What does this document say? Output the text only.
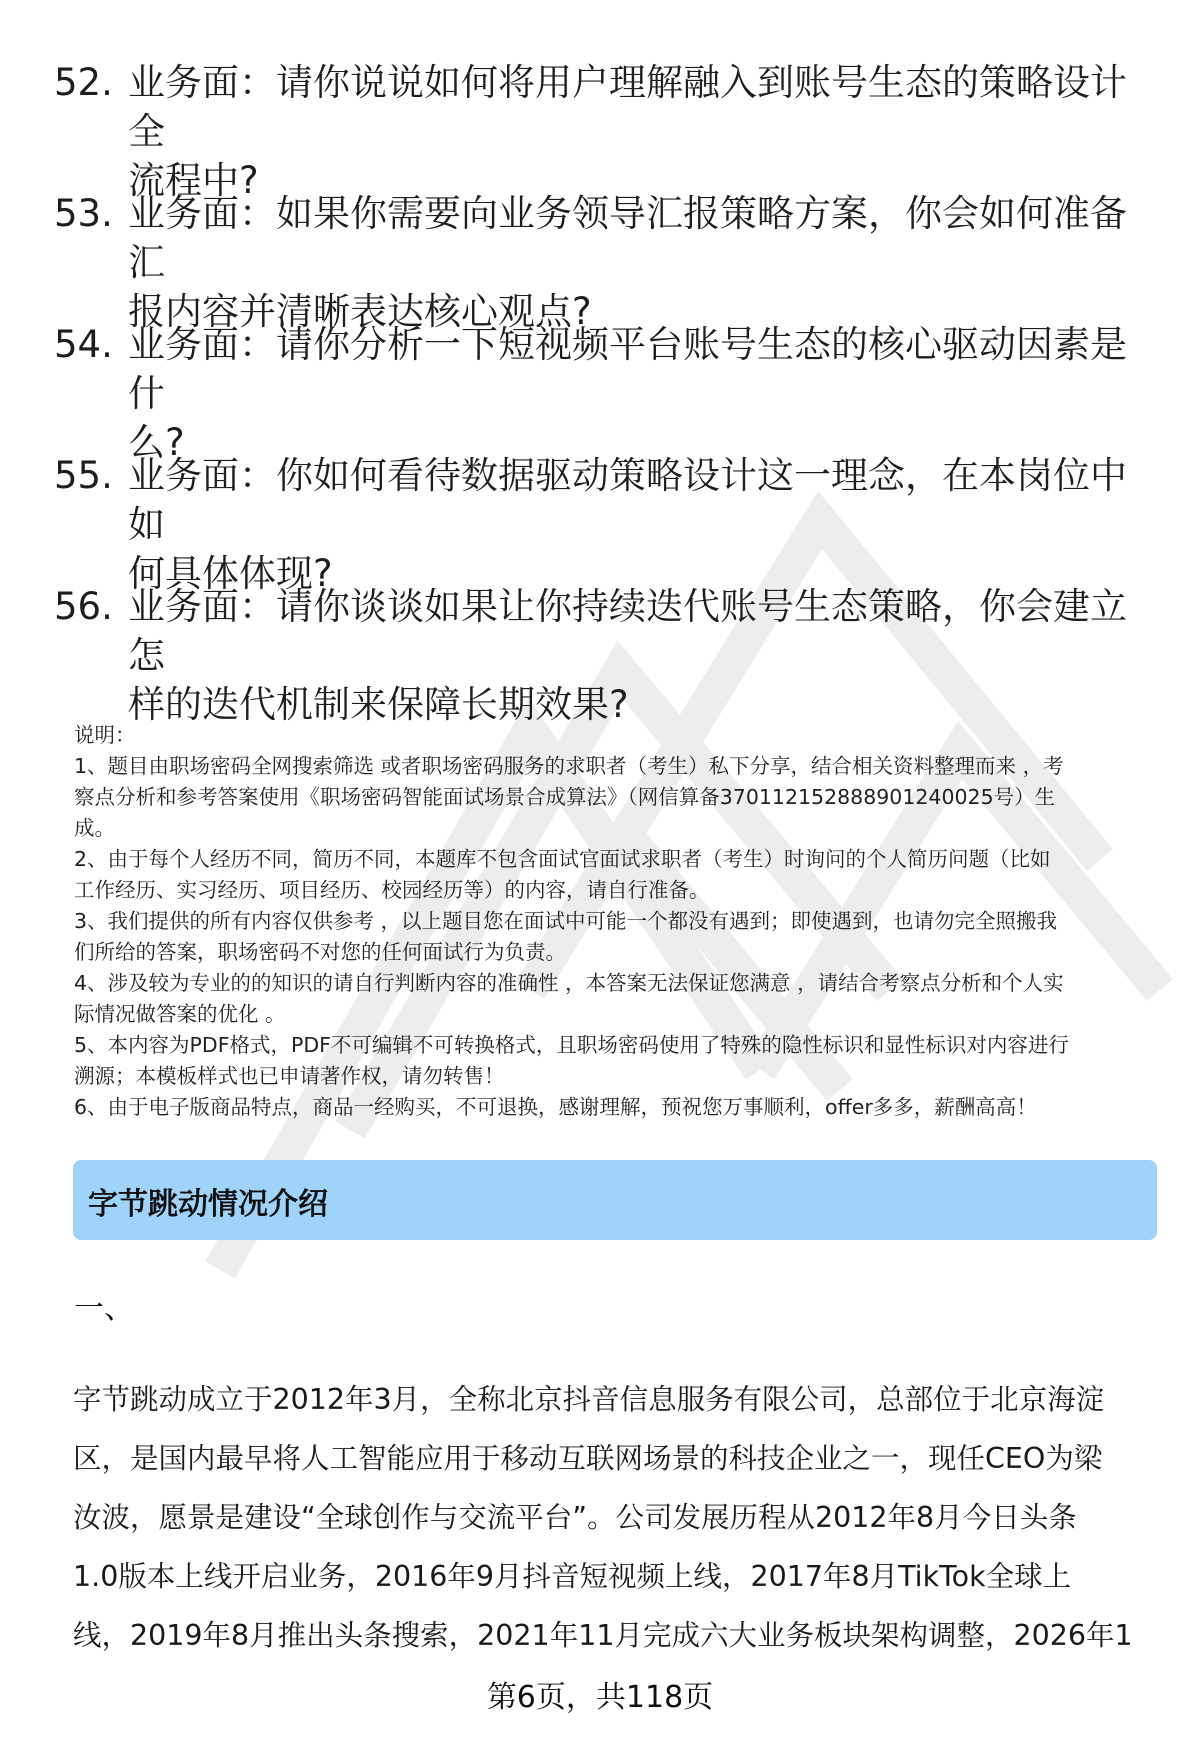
52. 业务面：请你说说如何将用户理解融入到账号生态的策略设计全
流程中?
53. 业务面：如果你需要向业务领导汇报策略方案，你会如何准备汇
报内容并清晰表达核心观点?
54. 业务面：请你分析一下短视频平台账号生态的核心驱动因素是什
么?
55. 业务面：你如何看待数据驱动策略设计这一理念，在本岗位中如
何具体体现?
56. 业务面：请你谈谈如果让你持续迭代账号生态策略，你会建立怎
样的迭代机制来保障长期效果?
说明：
1、题目由职场密码全网搜索筛选 或者职场密码服务的求职者（考生）私下分享，结合相关资料整理而来 ，考
察点分析和参考答案使用《职场密码智能面试场景合成算法》（网信算备370112152888901240025号）生
成。
2、由于每个人经历不同，简历不同，本题库不包含面试官面试求职者（考生）时询问的个人简历问题（比如
工作经历、实习经历、项目经历、校园经历等）的内容，请自行准备。
3、我们提供的所有内容仅供参考 ，以上题目您在面试中可能一个都没有遇到；即使遇到，也请勿完全照搬我
们所给的答案，职场密码不对您的任何面试行为负责。
4、涉及较为专业的的知识的请自行判断内容的准确性 ，本答案无法保证您满意 ，请结合考察点分析和个人实
际情况做答案的优化 。
5、本内容为PDF格式，PDF不可编辑不可转换格式，且职场密码使用了特殊的隐性标识和显性标识对内容进行
溯源；本模板样式也已申请著作权，请勿转售！
6、由于电子版商品特点，商品一经购买，不可退换，感谢理解，预祝您万事顺利，offer多多，薪酬高高！
字节跳动情况介绍
一、
字节跳动成立于2012年3月，全称北京抖音信息服务有限公司，总部位于北京海淀
区，是国内最早将人工智能应用于移动互联网场景的科技企业之一，现任CEO为梁
汝波，愿景是建设“全球创作与交流平台”。公司发展历程从2012年8月今日头条
1.0版本上线开启业务，2016年9月抖音短视频上线，2017年8月TikTok全球上
线，2019年8月推出头条搜索，2021年11月完成六大业务板块架构调整，2026年1
第6页，共118页
